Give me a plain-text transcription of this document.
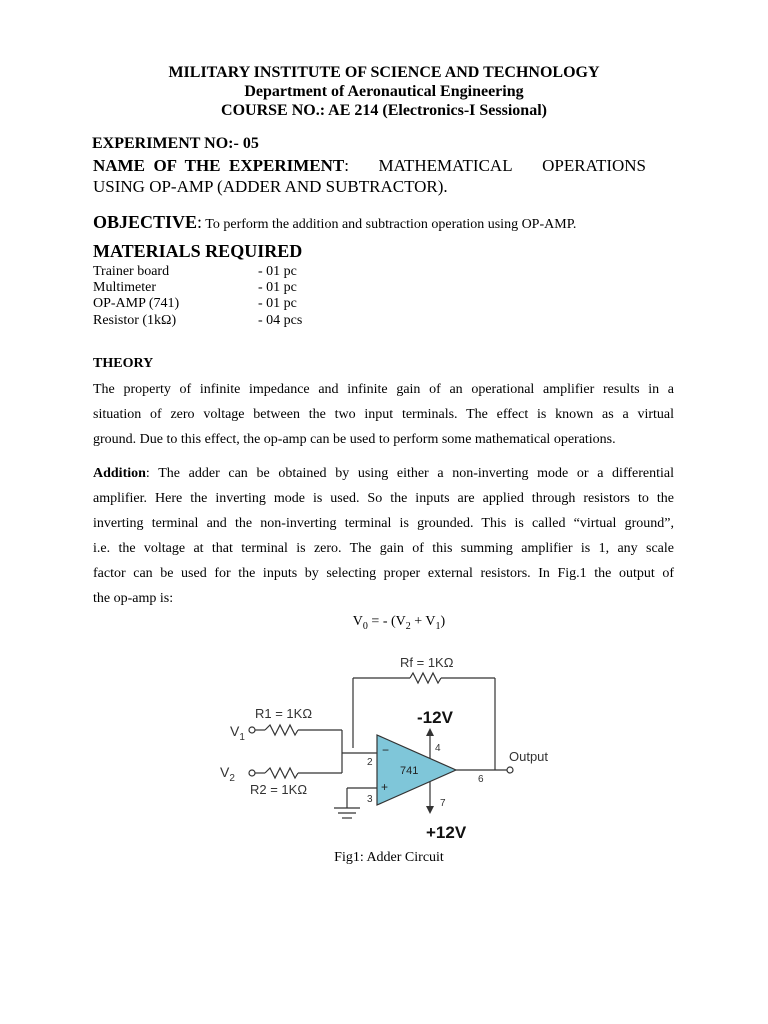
MILITARY INSTITUTE OF SCIENCE AND TECHNOLOGY
Department of Aeronautical Engineering
COURSE NO.: AE 214 (Electronics-I Sessional)
EXPERIMENT NO:- 05
NAME  OF  THE  EXPERIMENT: MATHEMATICAL OPERATIONS
USING OP-AMP (ADDER AND SUBTRACTOR).
OBJECTIVE: To perform the addition and subtraction operation using OP-AMP.
MATERIALS REQUIRED
Trainer board	- 01 pc
Multimeter	- 01 pc
OP-AMP (741)	- 01 pc
Resistor (1kΩ)	- 04 pcs
THEORY
The property of infinite impedance and infinite gain of an operational amplifier results in a
situation of zero voltage between the two input terminals. The effect is known as a virtual
ground. Due to this effect, the op-amp can be used to perform some mathematical operations.
Addition: The adder can be obtained by using either a non-inverting mode or a differential
amplifier. Here the inverting mode is used. So the inputs are applied through resistors to the
inverting terminal and the non-inverting terminal is grounded. This is called “virtual ground”,
i.e. the voltage at that terminal is zero. The gain of this summing amplifier is 1, any scale
factor can be used for the inputs by selecting proper external resistors. In Fig.1 the output of
the op-amp is:
$V_0$ = - $(V_2 + V_1)$
Rf = 1KΩ
R1 = 1KΩ
R2 = 1KΩ
$V_1$
$V_2$
-12V
+12V
741
−
+
2
3
4
6
7
Output
Fig1: Adder Circuit
